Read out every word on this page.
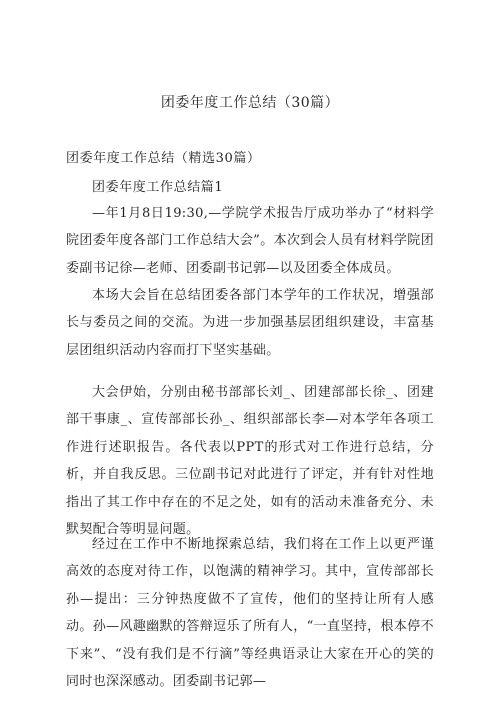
团委年度工作总结（30篇）
团委年度工作总结（精选30篇）
团委年度工作总结篇1

—年1月8日19:30,—学院学术报告厅成功举办了“材料学院团委年度各部门工作总结大会”。本次到会人员有材料学院团委副书记徐—老师、团委副书记郭—以及团委全体成员。

本场大会旨在总结团委各部门本学年的工作状况，增强部长与委员之间的交流。为进一步加强基层团组织建设，丰富基层团组织活动内容而打下坚实基础。

大会伊始，分别由秘书部部长刘_、团建部部长徐_、团建部干事康_、宣传部部长孙_、组织部部长李—对本学年各项工作进行述职报告。各代表以PPT的形式对工作进行总结，分析，并自我反思。三位副书记对此进行了评定，并有针对性地指出了其工作中存在的不足之处，如有的活动未准备充分、未默契配合等明显问题。

经过在工作中不断地探索总结，我们将在工作上以更严谨高效的态度对待工作，以饱满的精神学习。其中，宣传部部长孙—提出：三分钟热度做不了宣传，他们的坚持让所有人感动。孙—风趣幽默的答辩逗乐了所有人，“一直坚持，根本停不下来”、“没有我们是不行滴”等经典语录让大家在开心的笑的同时也深深感动。团委副书记郭—
